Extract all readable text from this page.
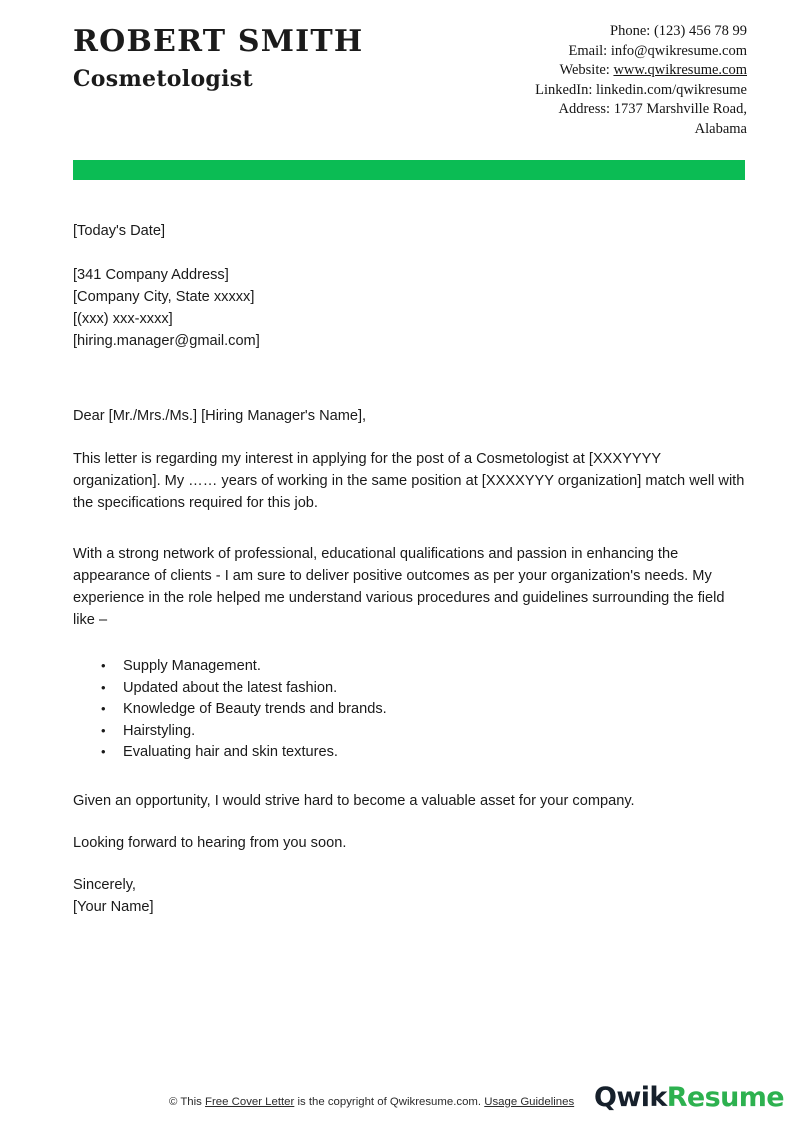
ROBERT SMITH
Cosmetologist
Phone: (123) 456 78 99
Email: info@qwikresume.com
Website: www.qwikresume.com
LinkedIn: linkedin.com/qwikresume
Address: 1737 Marshville Road,
Alabama
[Today's Date]
[341 Company Address]
[Company City, State xxxxx]
[(xxx) xxx-xxxx]
[hiring.manager@gmail.com]
Dear [Mr./Mrs./Ms.] [Hiring Manager's Name],

This letter is regarding my interest in applying for the post of a Cosmetologist at [XXXYYYY organization]. My …… years of working in the same position at [XXXXYYY organization] match well with the specifications required for this job.

With a strong network of professional, educational qualifications and passion in enhancing the appearance of clients - I am sure to deliver positive outcomes as per your organization's needs. My experience in the role helped me understand various procedures and guidelines surrounding the field like –

• Supply Management.
• Updated about the latest fashion.
• Knowledge of Beauty trends and brands.
• Hairstyling.
• Evaluating hair and skin textures.

Given an opportunity, I would strive hard to become a valuable asset for your company.

Looking forward to hearing from you soon.

Sincerely,
[Your Name]
© This Free Cover Letter is the copyright of Qwikresume.com. Usage Guidelines QwikResume
